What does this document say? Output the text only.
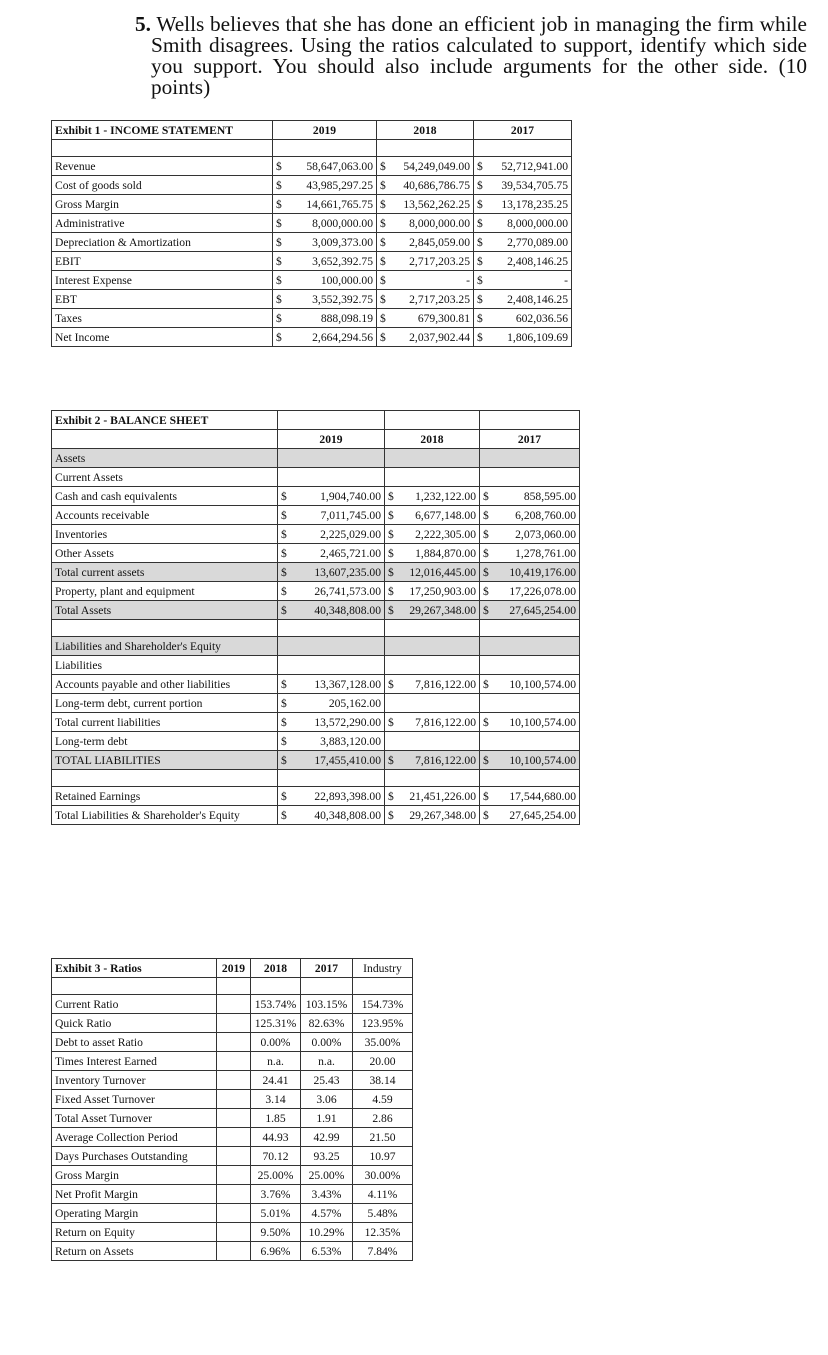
5. Wells believes that she has done an efficient job in managing the firm while Smith disagrees. Using the ratios calculated to support, identify which side you support. You should also include arguments for the other side. (10 points)

Exhibit 1 - INCOME STATEMENT	2019	2018	2017

Revenue	$ 58,647,063.00	$ 54,249,049.00	$ 52,712,941.00

Cost of goods sold	$ 43,985,297.25	$ 40,686,786.75	$ 39,534,705.75

Gross Margin	$ 14,661,765.75	$ 13,562,262.25	$ 13,178,235.25

Administrative	$ 8,000,000.00	$ 8,000,000.00	$ 8,000,000.00

Depreciation & Amortization	$ 3,009,373.00	$ 2,845,059.00	$ 2,770,089.00

EBIT	$ 3,652,392.75	$ 2,717,203.25	$ 2,408,146.25

Interest Expense	$ 100,000.00	$ -	$ -

EBT	$ 3,552,392.75	$ 2,717,203.25	$ 2,408,146.25

Taxes	$ 888,098.19	$ 679,300.81	$ 602,036.56

Net Income	$ 2,664,294.56	$ 2,037,902.44	$ 1,806,109.69
Exhibit 2 - BALANCE SHEET			
	2019	2018	2017
Assets			
Current Assets			
Cash and cash equivalents	$ 1,904,740.00	$ 1,232,122.00	$ 858,595.00

Accounts receivable	$ 7,011,745.00	$ 6,677,148.00	$ 6,208,760.00

Inventories	$ 2,225,029.00	$ 2,222,305.00	$ 2,073,060.00

Other Assets	$ 2,465,721.00	$ 1,884,870.00	$ 1,278,761.00

Total current assets	$ 13,607,235.00	$ 12,016,445.00	$ 10,419,176.00

Property, plant and equipment	$ 26,741,573.00	$ 17,250,903.00	$ 17,226,078.00

Total Assets	$ 40,348,808.00	$ 29,267,348.00	$ 27,645,254.00

Liabilities and Shareholder's Equity			
Liabilities			
Accounts payable and other liabilities	$ 13,367,128.00	$ 7,816,122.00	$ 10,100,574.00

Long-term debt, current portion	$ 205,162.00		

Total current liabilities	$ 13,572,290.00	$ 7,816,122.00	$ 10,100,574.00

Long-term debt	$ 3,883,120.00		

TOTAL LIABILITIES	$ 17,455,410.00	$ 7,816,122.00	$ 10,100,574.00

Retained Earnings	$ 22,893,398.00	$ 21,451,226.00	$ 17,544,680.00

Total Liabilities & Shareholder's Equity	$ 40,348,808.00	$ 29,267,348.00	$ 27,645,254.00
Exhibit 3 - Ratios	2019	2018	2017	Industry

Current Ratio		153.74%	103.15%	154.73%
Quick Ratio		125.31%	82.63%	123.95%
Debt to asset Ratio		0.00%	0.00%	35.00%
Times Interest Earned		n.a.	n.a.	20.00
Inventory Turnover		24.41	25.43	38.14
Fixed Asset Turnover		3.14	3.06	4.59
Total Asset Turnover		1.85	1.91	2.86
Average Collection Period		44.93	42.99	21.50
Days Purchases Outstanding		70.12	93.25	10.97
Gross Margin		25.00%	25.00%	30.00%
Net Profit Margin		3.76%	3.43%	4.11%
Operating Margin		5.01%	4.57%	5.48%
Return on Equity		9.50%	10.29%	12.35%
Return on Assets		6.96%	6.53%	7.84%
